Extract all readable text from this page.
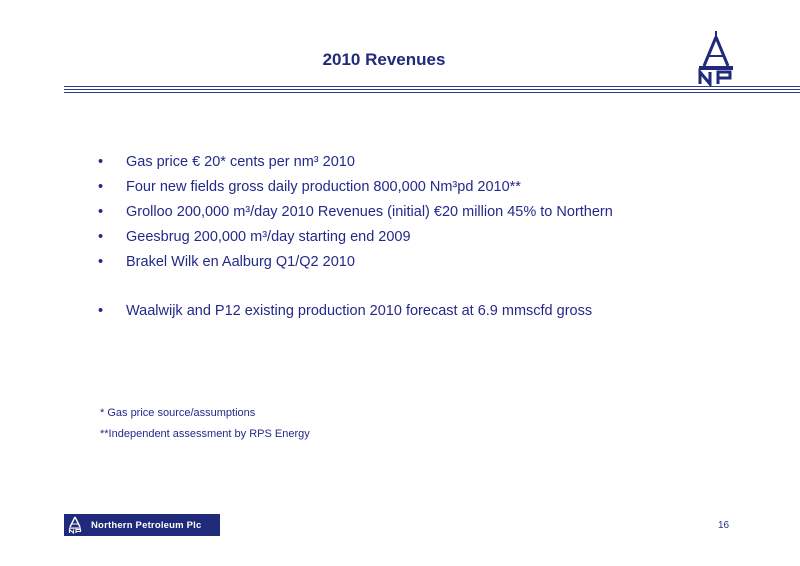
2010 Revenues
• Gas price € 20* cents per nm³ 2010
• Four new fields gross daily production 800,000 Nm³pd 2010**
• Grolloo 200,000 m³/day 2010 Revenues (initial) €20 million 45% to Northern
• Geesbrug 200,000 m³/day starting end 2009
• Brakel Wilk en Aalburg Q1/Q2 2010
• Waalwijk and P12 existing production 2010 forecast at 6.9 mmscfd gross
* Gas price source/assumptions
**Independent assessment by RPS Energy
Northern Petroleum Plc	16
